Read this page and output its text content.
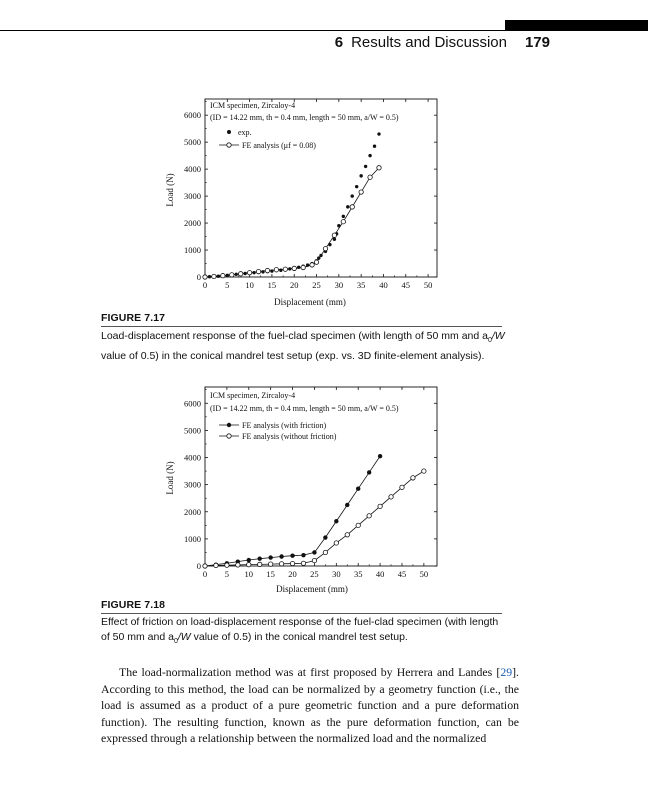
6 Results and Discussion 179
ICM specimen, Zircaloy-4
(ID = 14.22 mm, th = 0.4 mm, length = 50 mm, a/W = 0.5)
exp.
FE analysis (μf = 0.08)
0 5 10 15 20 25 30 35 40 45 50
0
1000
2000
3000
4000
5000
6000
Displacement (mm)
Load (N)
FIGURE 7.17
Load-displacement response of the fuel-clad specimen (with length of 50 mm and $a_0/W$ value of 0.5) in the conical mandrel test setup (exp. vs. 3D finite-element analysis).
ICM specimen, Zircaloy-4
(ID = 14.22 mm, th = 0.4 mm, length = 50 mm, a/W = 0.5)
FE analysis (with friction)
FE analysis (without friction)
0 5 10 15 20 25 30 35 40 45 50
0
1000
2000
3000
4000
5000
6000
Displacement (mm)
Load (N)
FIGURE 7.18
Effect of friction on load-displacement response of the fuel-clad specimen (with length of 50 mm and $a_0/W$ value of 0.5) in the conical mandrel test setup.

The load-normalization method was at first proposed by Herrera and Landes [29]. According to this method, the load can be normalized by a geometry function (i.e., the load is assumed as a product of a pure geometric function and a pure deformation function). The resulting function, known as the pure deformation function, can be expressed through a relationship between the normalized load and the normalized
